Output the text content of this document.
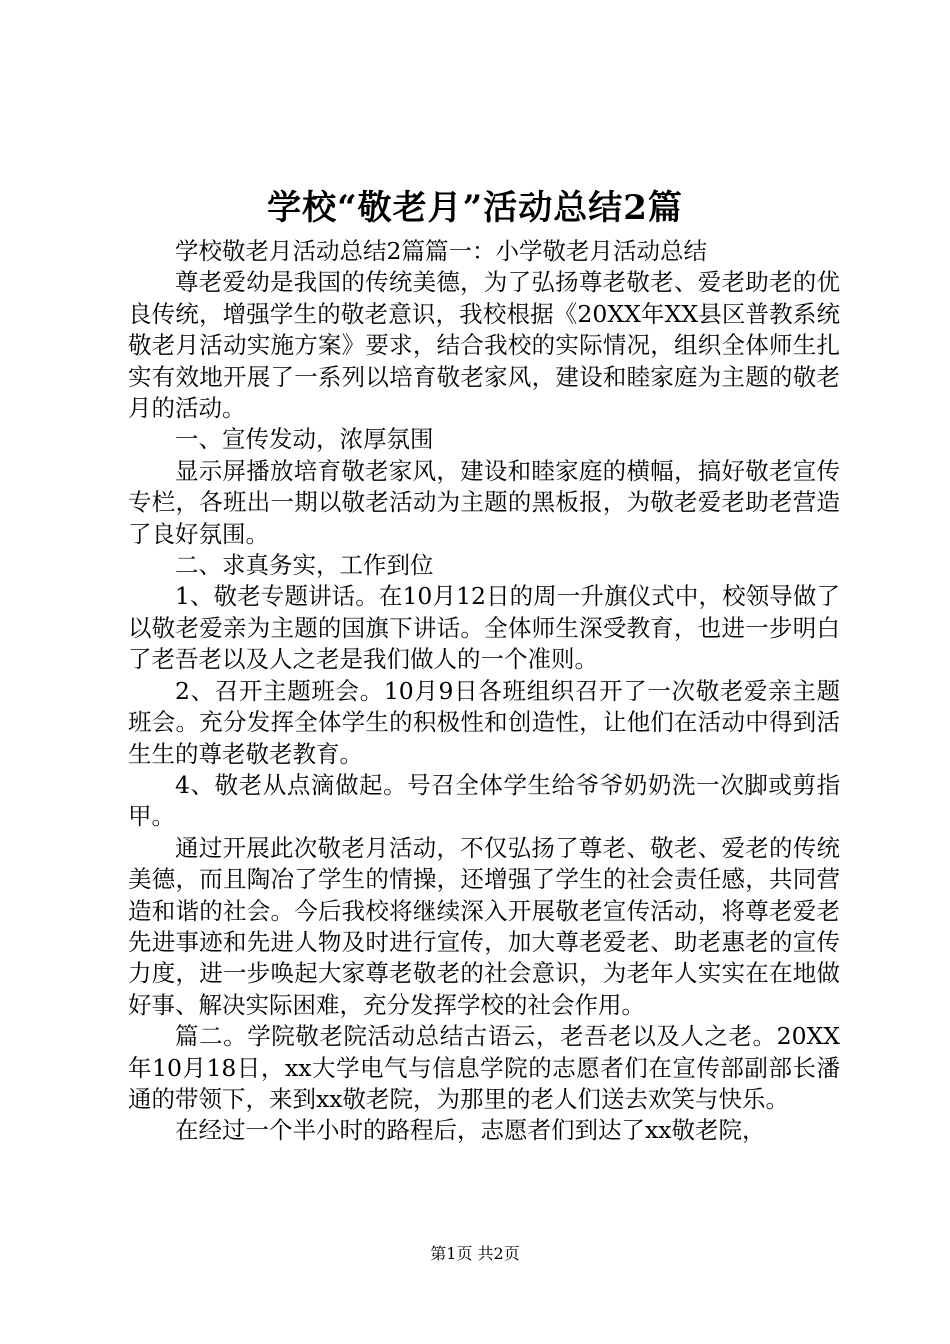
学校“敬老月”活动总结2篇

学校敬老月活动总结2篇篇一：小学敬老月活动总结

尊老爱幼是我国的传统美德，为了弘扬尊老敬老、爱老助老的优良传统，增强学生的敬老意识，我校根据《20XX年XX县区普教系统敬老月活动实施方案》要求，结合我校的实际情况，组织全体师生扎实有效地开展了一系列以培育敬老家风，建设和睦家庭为主题的敬老月的活动。

一、宣传发动，浓厚氛围

显示屏播放培育敬老家风，建设和睦家庭的横幅，搞好敬老宣传专栏，各班出一期以敬老活动为主题的黑板报，为敬老爱老助老营造了良好氛围。

二、求真务实，工作到位

1、敬老专题讲话。在10月12日的周一升旗仪式中，校领导做了以敬老爱亲为主题的国旗下讲话。全体师生深受教育，也进一步明白了老吾老以及人之老是我们做人的一个准则。

2、召开主题班会。10月9日各班组织召开了一次敬老爱亲主题班会。充分发挥全体学生的积极性和创造性，让他们在活动中得到活生生的尊老敬老教育。

4、敬老从点滴做起。号召全体学生给爷爷奶奶洗一次脚或剪指甲。

通过开展此次敬老月活动，不仅弘扬了尊老、敬老、爱老的传统美德，而且陶冶了学生的情操，还增强了学生的社会责任感，共同营造和谐的社会。今后我校将继续深入开展敬老宣传活动，将尊老爱老先进事迹和先进人物及时进行宣传，加大尊老爱老、助老惠老的宣传力度，进一步唤起大家尊老敬老的社会意识，为老年人实实在在地做好事、解决实际困难，充分发挥学校的社会作用。

篇二。学院敬老院活动总结古语云，老吾老以及人之老。20XX年10月18日，xx大学电气与信息学院的志愿者们在宣传部副部长潘通的带领下，来到xx敬老院，为那里的老人们送去欢笑与快乐。

在经过一个半小时的路程后，志愿者们到达了xx敬老院，

第1页 共2页
